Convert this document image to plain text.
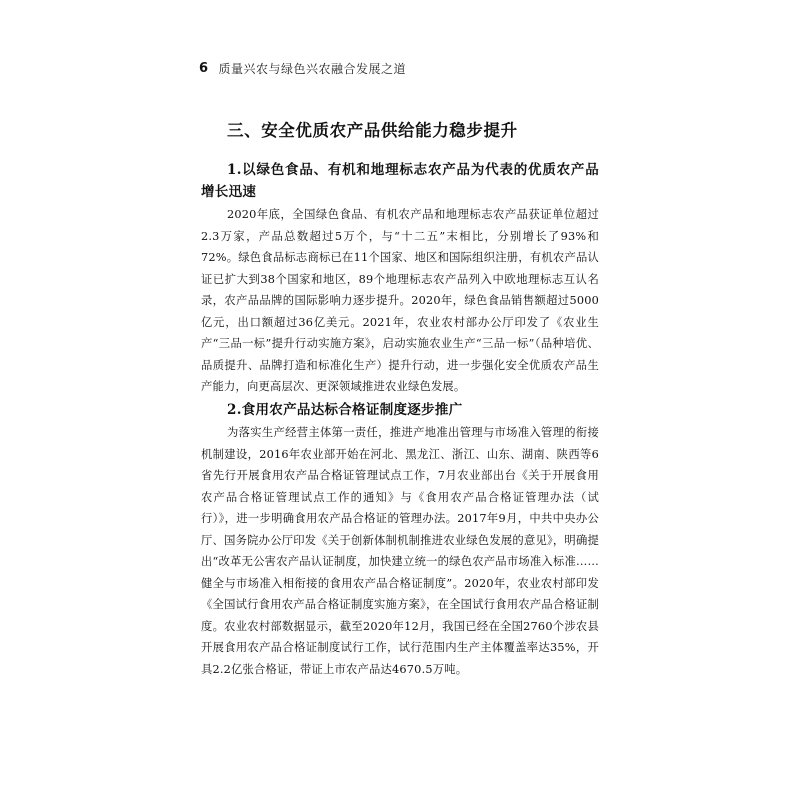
6 质量兴农与绿色兴农融合发展之道
三、安全优质农产品供给能力稳步提升
1.以绿色食品、有机和地理标志农产品为代表的优质农产品增长迅速

2020年底，全国绿色食品、有机农产品和地理标志农产品获证单位超过2.3万家，产品总数超过5万个，与“十二五”末相比，分别增长了93%和72%。绿色食品标志商标已在11个国家、地区和国际组织注册，有机农产品认证已扩大到38个国家和地区，89个地理标志农产品列入中欧地理标志互认名录，农产品品牌的国际影响力逐步提升。2020年，绿色食品销售额超过5000亿元，出口额超过36亿美元。2021年，农业农村部办公厅印发了《农业生产“三品一标”提升行动实施方案》，启动实施农业生产“三品一标”（品种培优、品质提升、品牌打造和标准化生产）提升行动，进一步强化安全优质农产品生产能力，向更高层次、更深领域推进农业绿色发展。

2.食用农产品达标合格证制度逐步推广

为落实生产经营主体第一责任，推进产地准出管理与市场准入管理的衔接机制建设，2016年农业部开始在河北、黑龙江、浙江、山东、湖南、陕西等6省先行开展食用农产品合格证管理试点工作，7月农业部出台《关于开展食用农产品合格证管理试点工作的通知》与《食用农产品合格证管理办法（试行）》，进一步明确食用农产品合格证的管理办法。2017年9月，中共中央办公厅、国务院办公厅印发《关于创新体制机制推进农业绿色发展的意见》，明确提出“改革无公害农产品认证制度，加快建立统一的绿色农产品市场准入标准……健全与市场准入相衔接的食用农产品合格证制度”。2020年，农业农村部印发《全国试行食用农产品合格证制度实施方案》，在全国试行食用农产品合格证制度。农业农村部数据显示，截至2020年12月，我国已经在全国2760个涉农县开展食用农产品合格证制度试行工作，试行范围内生产主体覆盖率达35%，开具2.2亿张合格证，带证上市农产品达4670.5万吨。
